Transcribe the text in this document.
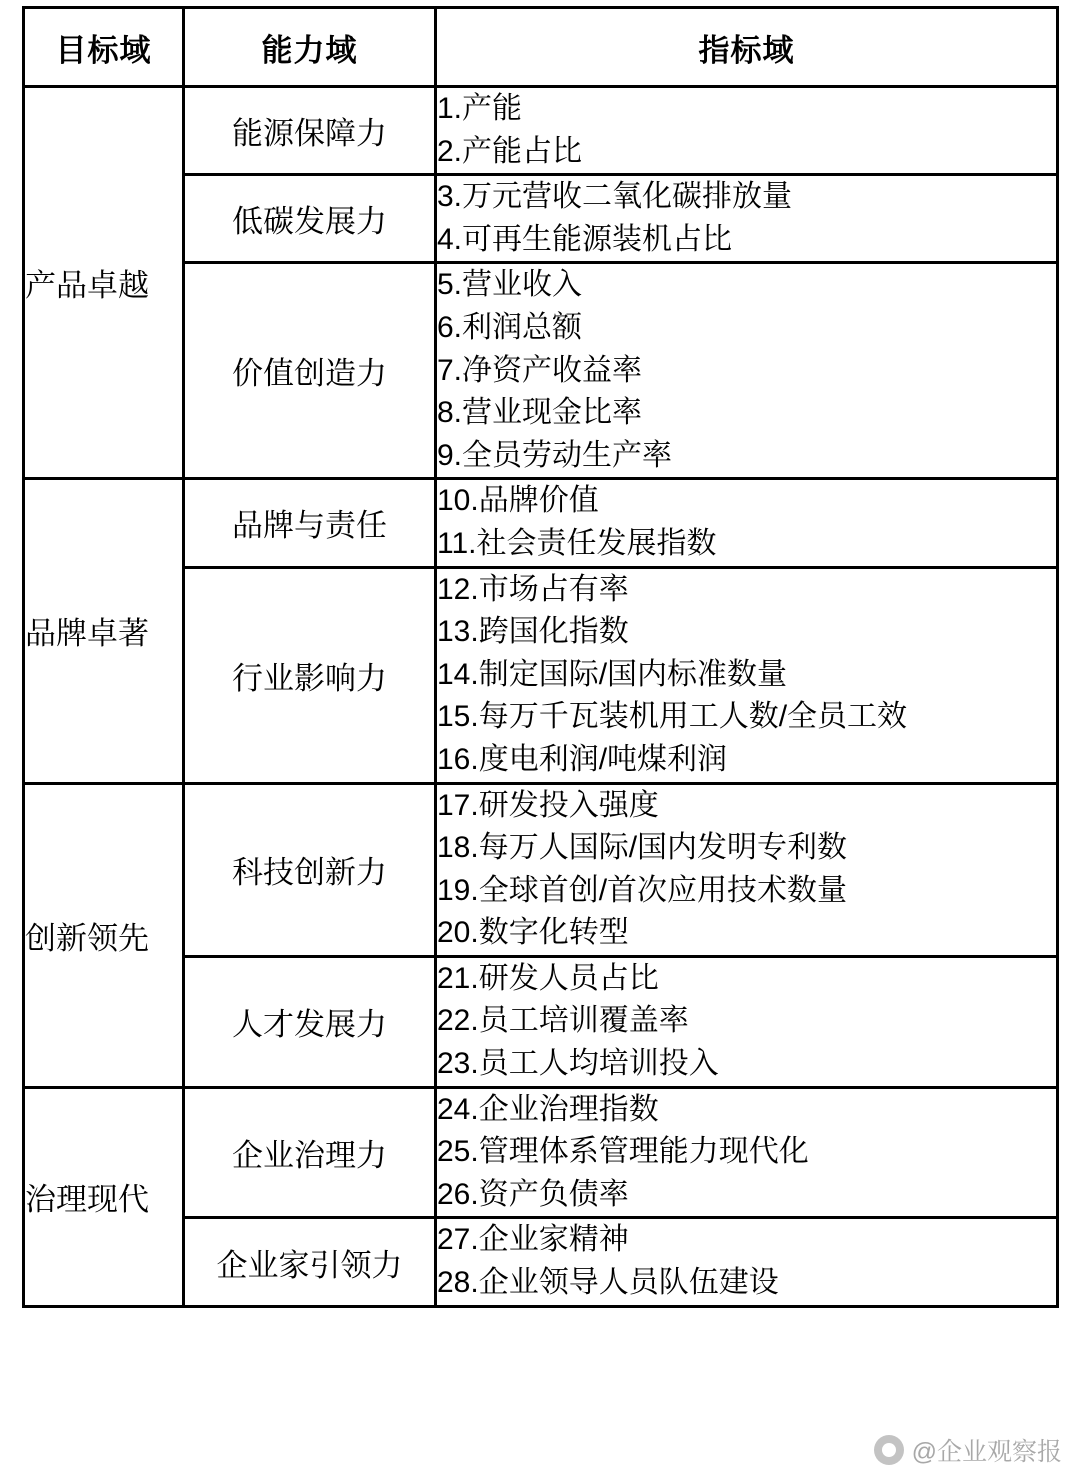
目标域	能力域	指标域
产品卓越	能源保障力	1.产能
2.产能占比

	低碳发展力	3.万元营收二氧化碳排放量
4.可再生能源装机占比

	价值创造力	5.营业收入
6.利润总额
7.净资产收益率
8.营业现金比率
9.全员劳动生产率

品牌卓著	品牌与责任	10.品牌价值
11.社会责任发展指数

	行业影响力	12.市场占有率
13.跨国化指数
14.制定国际/国内标准数量
15.每万千瓦装机用工人数/全员工效
16.度电利润/吨煤利润

创新领先	科技创新力	17.研发投入强度
18.每万人国际/国内发明专利数
19.全球首创/首次应用技术数量
20.数字化转型

	人才发展力	21.研发人员占比
22.员工培训覆盖率
23.员工人均培训投入

治理现代	企业治理力	24.企业治理指数
25.管理体系管理能力现代化
26.资产负债率

	企业家引领力	27.企业家精神
28.企业领导人员队伍建设
@企业观察报
